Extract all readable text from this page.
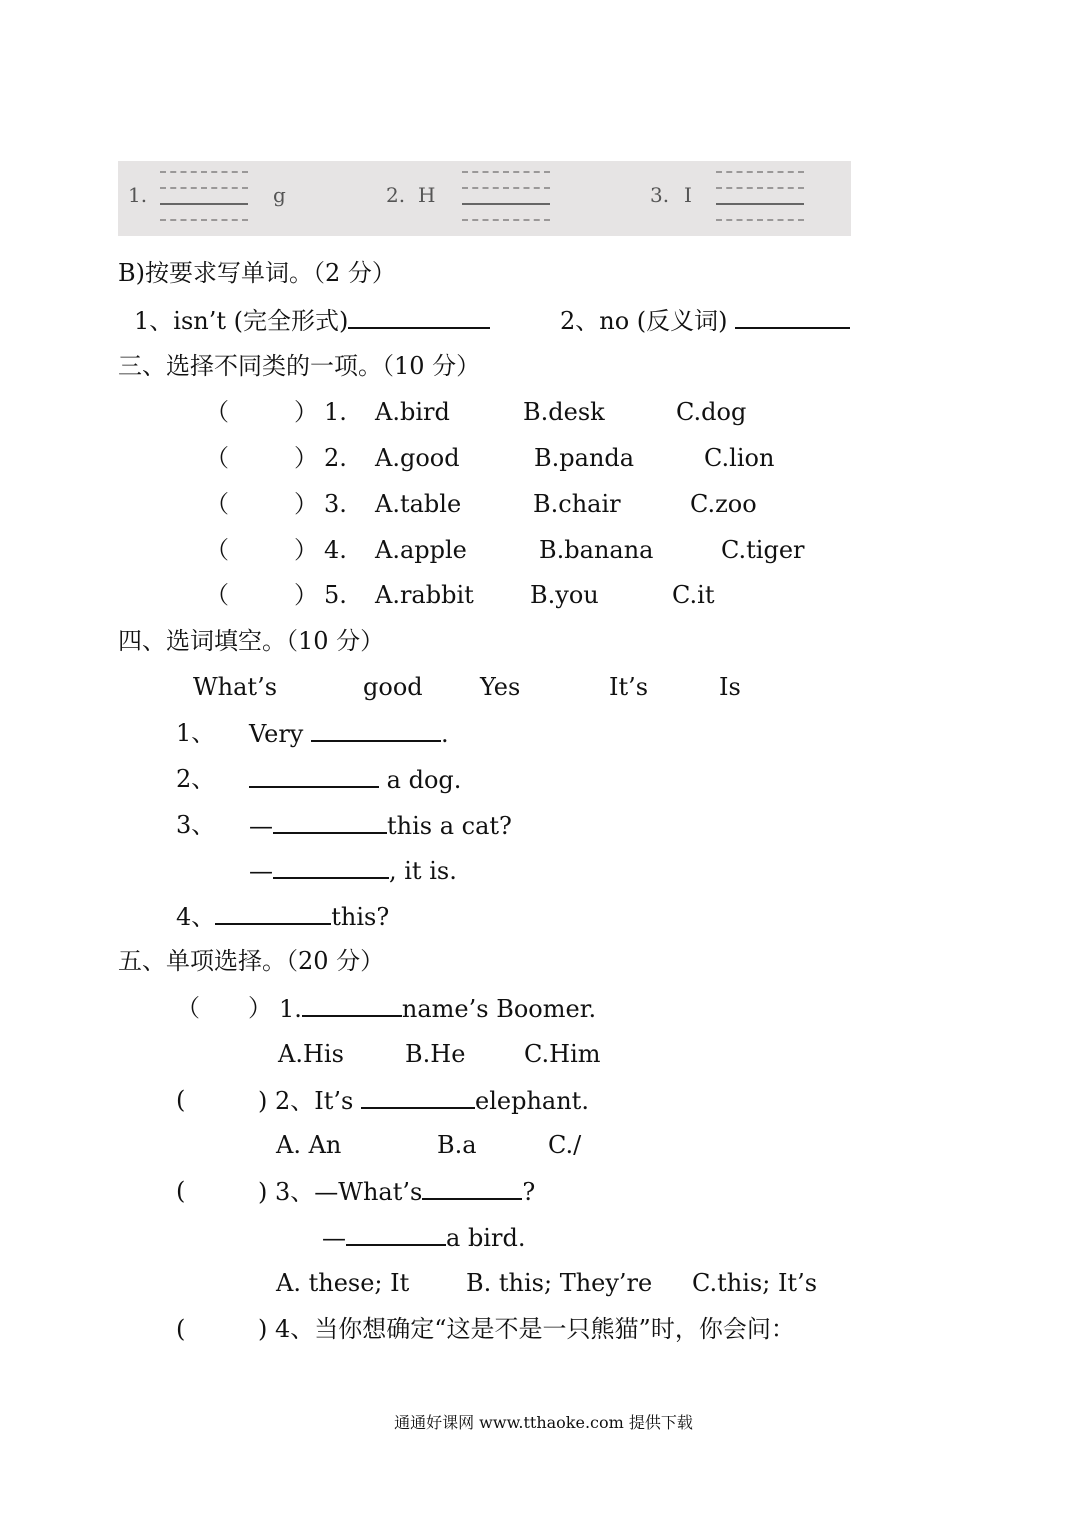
1.	g	2. H	3. I
B)按要求写单词。（2 分）
1、isn’t (完全形式)	2、no (反义词)
三、选择不同类的一项。（10 分）
（	） 1. A.bird	B.desk	C.dog
（	） 2. A.good	B.panda	C.lion
（	） 3. A.table	B.chair	C.zoo
（	） 4. A.apple	B.banana	C.tiger
（	） 5. A.rabbit B.you	C.it
四、选词填空。（10 分）
What’s	good Yes	It’s	Is
1、 Very	.
2、	a dog.
3、 —	this a cat?
—	, it is.
4、	this?
五、单项选择。（20 分）
（ ） 1.	name’s Boomer.
A.His	B.He C.Him
(	) 2、It’s	elephant.
A. An	B.a	C./
(	) 3、—What’s	?
—	a bird.
A. these; It B. this; They’re C.this; It’s
(	) 4、当你想确定“这是不是一只熊猫”时，你会问：
通通好课网 www.tthaoke.com 提供下载
